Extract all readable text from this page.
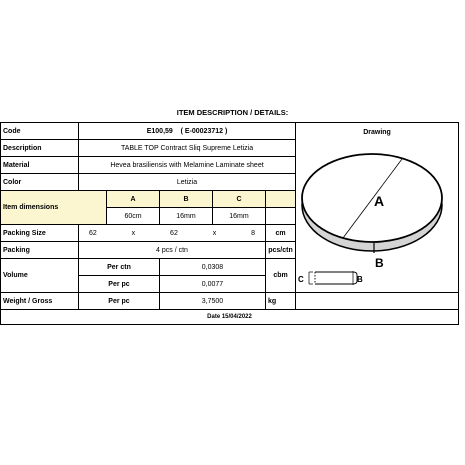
ITEM DESCRIPTION / DETAILS:
Code	E100,59 ( E-00023712 )					Drawing
A
B
C B

Description	TABLE TOP Contract Sliq Supreme Letizia					
Material	Hevea brasiliensis with Melamine Laminate sheet					
Color	Letizia					
Item dimensions		A	B	C		
		60cm	16mm	16mm		
Packing Size	62 x 62 x 8				cm	
Packing	4 pcs / ctn				pcs/ctn	
Volume	Per ctn		0,0308		cbm	
	Per pc		0,0077			
Weight / Gross	Per pc		3,7500		kg	
Date 15/04/2022						
